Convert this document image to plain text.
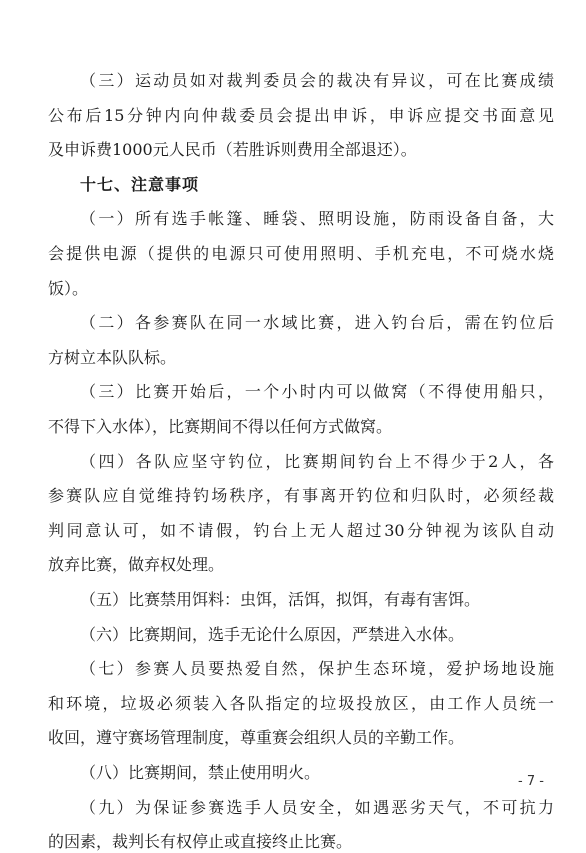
- 7 -
（三）运动员如对裁判委员会的裁决有异议，可在比赛成绩
公布后15分钟内向仲裁委员会提出申诉，申诉应提交书面意见
及申诉费1000元人民币（若胜诉则费用全部退还）。
十七、注意事项
（一）所有选手帐篷、睡袋、照明设施，防雨设备自备，大
会提供电源（提供的电源只可使用照明、手机充电，不可烧水烧
饭）。
（二）各参赛队在同一水域比赛，进入钓台后，需在钓位后
方树立本队队标。
（三）比赛开始后，一个小时内可以做窝（不得使用船只，
不得下入水体），比赛期间不得以任何方式做窝。
（四）各队应坚守钓位，比赛期间钓台上不得少于2人，各
参赛队应自觉维持钓场秩序，有事离开钓位和归队时，必须经裁
判同意认可，如不请假，钓台上无人超过30分钟视为该队自动
放弃比赛，做弃权处理。
（五）比赛禁用饵料：虫饵，活饵，拟饵，有毒有害饵。
（六）比赛期间，选手无论什么原因，严禁进入水体。
（七）参赛人员要热爱自然，保护生态环境，爱护场地设施
和环境，垃圾必须装入各队指定的垃圾投放区，由工作人员统一
收回，遵守赛场管理制度，尊重赛会组织人员的辛勤工作。
（八）比赛期间，禁止使用明火。
（九）为保证参赛选手人员安全，如遇恶劣天气，不可抗力
的因素，裁判长有权停止或直接终止比赛。
